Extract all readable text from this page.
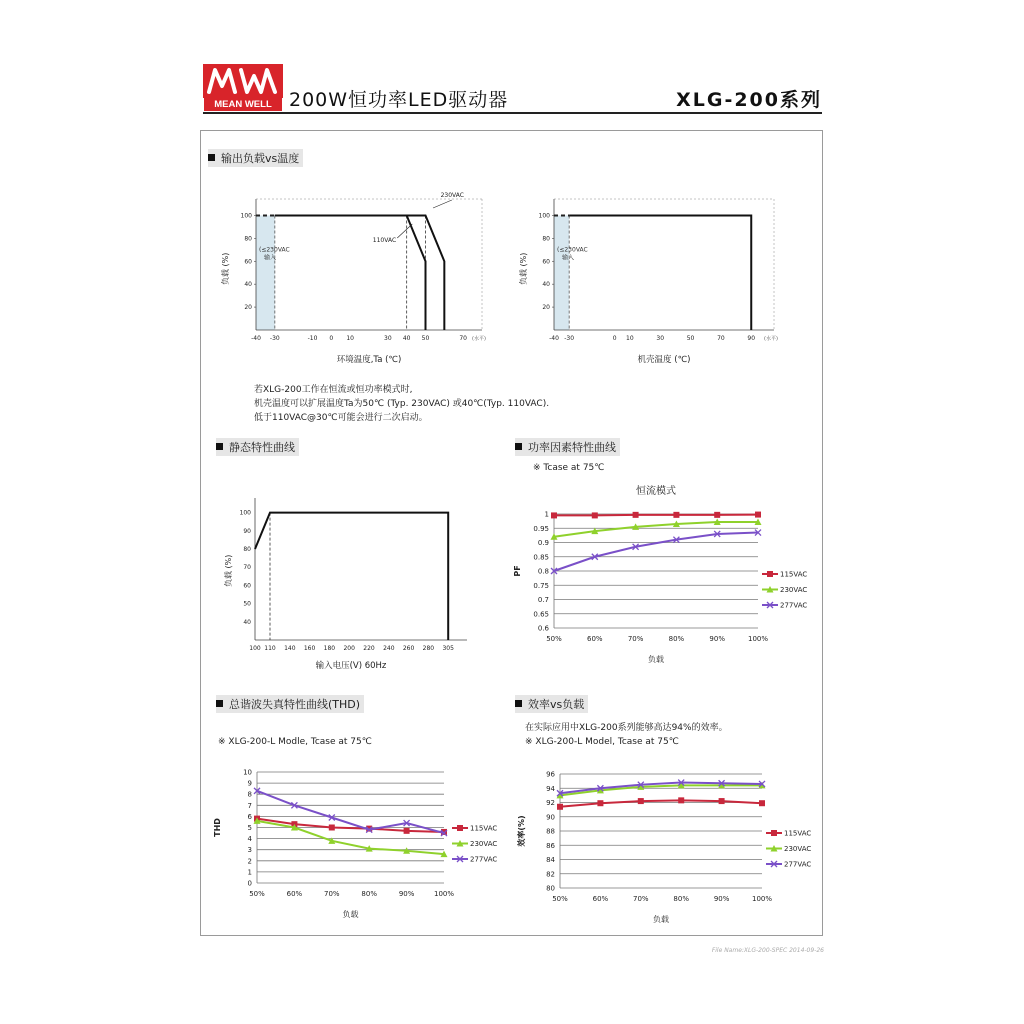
MEAN WELL 200W恒功率LED驱动器	XLG-200系列
输出负载vs温度
静态特性曲线	功率因素特性曲线
总谐波失真特性曲线(THD)	效率vs负载
若XLG-200工作在恒流或恒功率模式时,
机壳温度可以扩展温度Ta为50℃ (Typ. 230VAC) 或40℃(Typ. 110VAC).
低于110VAC@30℃可能会进行二次启动。
※ Tcase at 75℃
※ XLG-200-L Modle, Tcase at 75℃
在实际应用中XLG-200系列能够高达94%的效率。
※ XLG-200-L Model, Tcase at 75℃
File Name:XLG-200-SPEC 2014-09-26
(≤230VAC
输入
20
40
60
80
100
-40 -30	-10 0 10	30 40 50	70 (水平)
负载 (%)
环境温度,Ta (℃)
230VAC
110VAC
(≤230VAC
输入
20
40
60
80
100
-40 -30	0 10	30	50	70	90 (水平)
负载 (%)
机壳温度 (℃)
40
50
60
70
80
90
100
100 110 140 160 180 200 220 240 260 280 305
负载 (%)
输入电压(V) 60Hz
0.6
0.65
0.7
0.75
0.8
0.85
0.9
0.95
1
50%	60%	70%	80%	90%	100%
负载
PF
恒流模式
115VAC
230VAC
277VAC
0
1
2
3
4
5
6
7
8
9
10
50%	60%	70%	80%	90%	100%
负载
THD	115VAC
230VAC
277VAC
80
82
84
86
88
90
92
94
96
50%	60%	70%	80%	90%	100%
负载
效率(%)	115VAC
230VAC
277VAC
